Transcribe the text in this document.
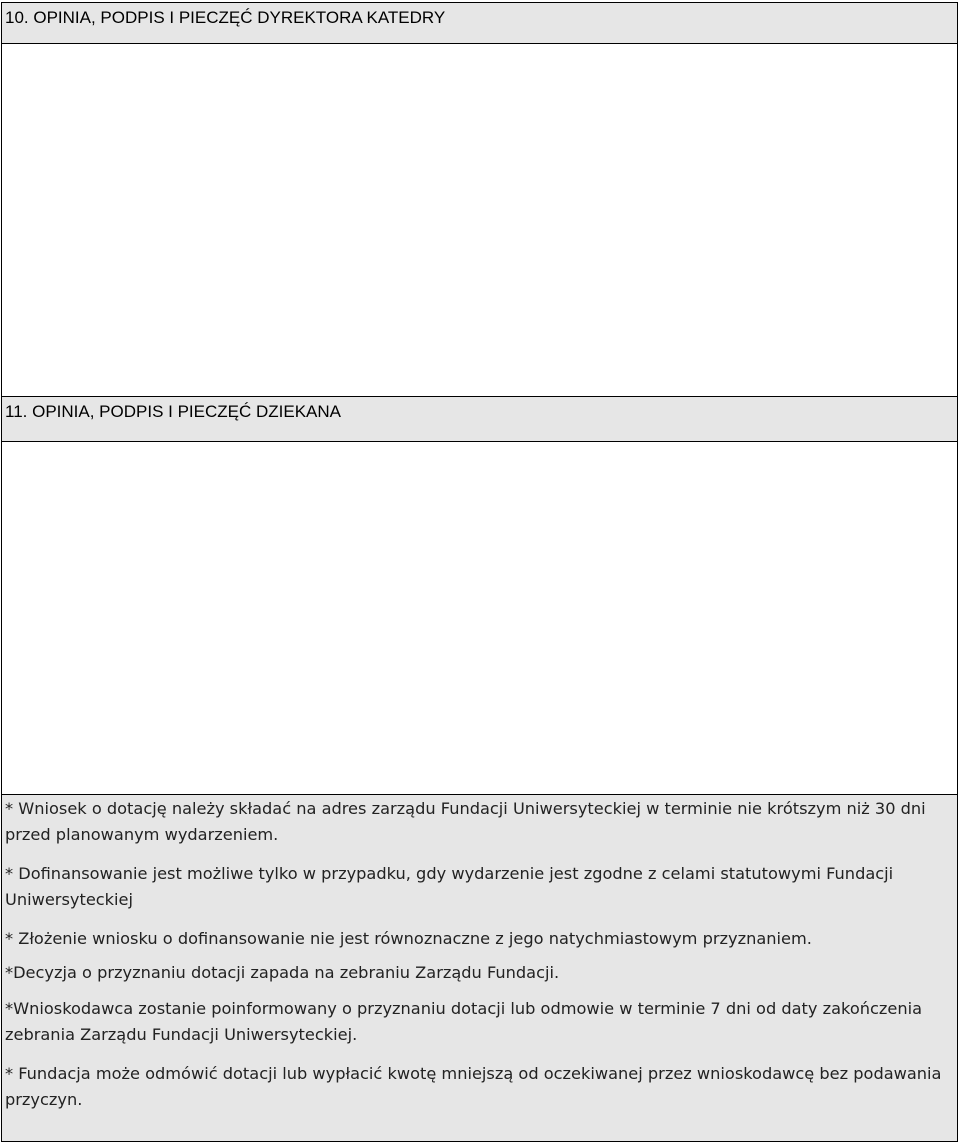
10. OPINIA, PODPIS I PIECZĘĆ DYREKTORA KATEDRY
11. OPINIA, PODPIS I PIECZĘĆ DZIEKANA
* Wniosek o dotację należy składać na adres zarządu Fundacji Uniwersyteckiej w terminie nie krótszym niż 30 dni przed planowanym wydarzeniem.
* Dofinansowanie jest możliwe tylko w przypadku, gdy wydarzenie jest zgodne z celami statutowymi Fundacji Uniwersyteckiej
* Złożenie wniosku o dofinansowanie nie jest równoznaczne z jego natychmiastowym przyznaniem.
*Decyzja o przyznaniu dotacji zapada na zebraniu Zarządu Fundacji.
*Wnioskodawca zostanie poinformowany o przyznaniu dotacji lub odmowie w terminie 7 dni od daty zakończenia zebrania Zarządu Fundacji Uniwersyteckiej.
* Fundacja może odmówić dotacji lub wypłacić kwotę mniejszą od oczekiwanej przez wnioskodawcę bez podawania przyczyn.
